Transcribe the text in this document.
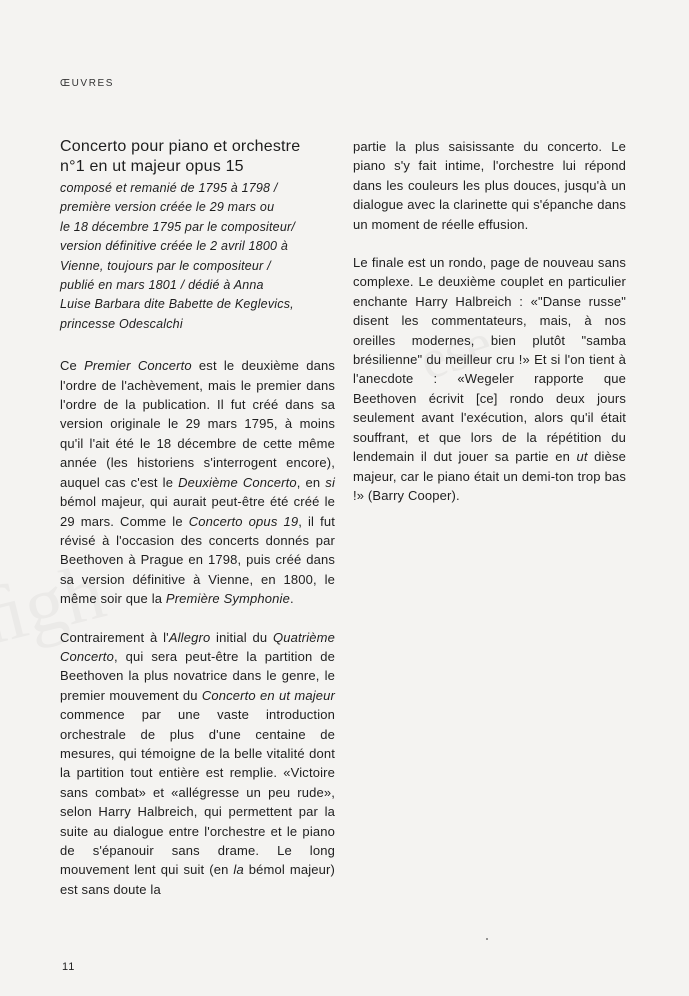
ŒUVRES
Concerto pour piano et orchestre
n°1 en ut majeur opus 15
composé et remanié de 1795 à 1798 /
première version créée le 29 mars ou
le 18 décembre 1795 par le compositeur/
version définitive créée le 2 avril 1800 à
Vienne, toujours par le compositeur /
publié en mars 1801 / dédié à Anna
Luise Barbara dite Babette de Keglevics,
princesse Odescalchi

Ce Premier Concerto est le deuxième dans l'ordre de l'achèvement, mais le premier dans l'ordre de la publication. Il fut créé dans sa version originale le 29 mars 1795, à moins qu'il l'ait été le 18 décembre de cette même année (les historiens s'interrogent encore), auquel cas c'est le Deuxième Concerto, en si bémol majeur, qui aurait peut-être été créé le 29 mars. Comme le Concerto opus 19, il fut révisé à l'occasion des concerts donnés par Beethoven à Prague en 1798, puis créé dans sa version définitive à Vienne, en 1800, le même soir que la Première Symphonie.

Contrairement à l'Allegro initial du Quatrième Concerto, qui sera peut-être la partition de Beethoven la plus novatrice dans le genre, le premier mouvement du Concerto en ut majeur commence par une vaste introduction orchestrale de plus d'une centaine de mesures, qui témoigne de la belle vitalité dont la partition tout entière est remplie. «Victoire sans combat» et «allégresse un peu rude», selon Harry Halbreich, qui permettent par la suite au dialogue entre l'orchestre et le piano de s'épanouir sans drame. Le long mouvement lent qui suit (en la bémol majeur) est sans doute la

partie la plus saisissante du concerto. Le piano s'y fait intime, l'orchestre lui répond dans les couleurs les plus douces, jusqu'à un dialogue avec la clarinette qui s'épanche dans un moment de réelle effusion.

Le finale est un rondo, page de nouveau sans complexe. Le deuxième couplet en particulier enchante Harry Halbreich : «"Danse russe" disent les commentateurs, mais, à nos oreilles modernes, bien plutôt "samba brésilienne" du meilleur cru !» Et si l'on tient à l'anecdote : «Wegeler rapporte que Beethoven écrivit [ce] rondo deux jours seulement avant l'exécution, alors qu'il était souffrant, et que lors de la répétition du lendemain il dut jouer sa partie en ut dièse majeur, car le piano était un demi-ton trop bas !» (Barry Cooper).

11
